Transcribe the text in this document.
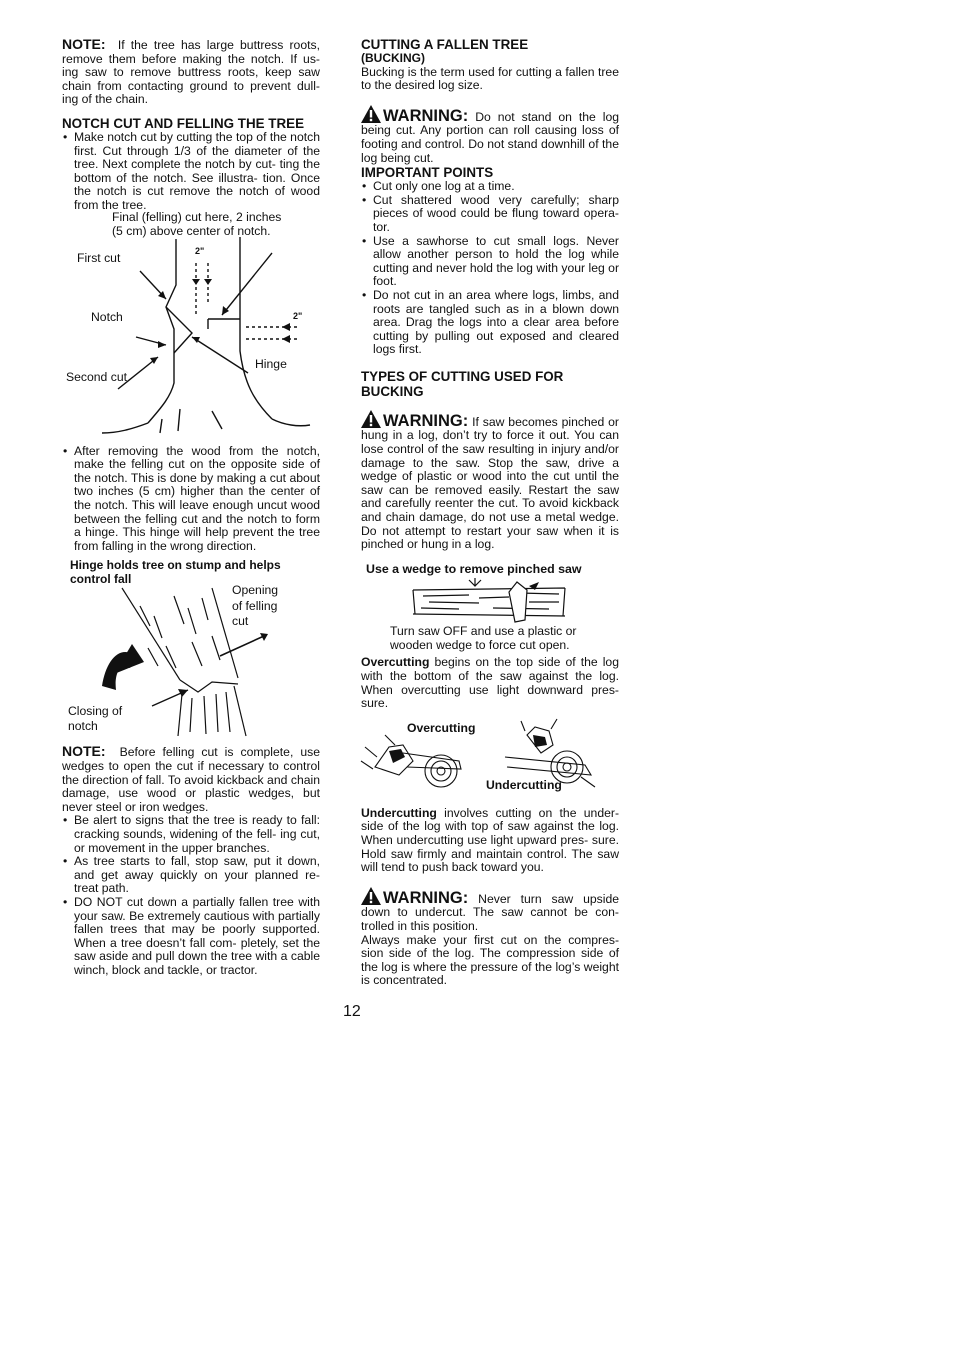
NOTE: If the tree has large buttress roots, remove them before making the notch. If us- ing saw to remove buttress roots, keep saw chain from contacting ground to prevent dull- ing of the chain.

NOTCH CUT AND FELLING THE TREE
• Make notch cut by cutting the top of the notch first. Cut through 1/3 of the diameter of the tree. Next complete the notch by cut- ting the bottom of the notch. See illustra- tion. Once the notch is cut remove the notch of wood from the tree.
Final (felling) cut here, 2 inches
(5 cm) above center of notch.
First cut
Notch
Second cut
Hinge
2"
2"
• After removing the wood from the notch, make the felling cut on the opposite side of the notch. This is done by making a cut about two inches (5 cm) higher than the center of the notch. This will leave enough uncut wood between the felling cut and the notch to form a hinge. This hinge will help prevent the tree from falling in the wrong direction.
Hinge holds tree on stump and helps control fall
Opening
of felling
cut
Closing of
notch

NOTE: Before felling cut is complete, use wedges to open the cut if necessary to control the direction of fall. To avoid kickback and chain damage, use wood or plastic wedges, but never steel or iron wedges.

• Be alert to signs that the tree is ready to fall: cracking sounds, widening of the fell- ing cut, or movement in the upper branches.
• As tree starts to fall, stop saw, put it down, and get away quickly on your planned re- treat path.
• DO NOT cut down a partially fallen tree with your saw. Be extremely cautious with partially fallen trees that may be poorly supported. When a tree doesn’t fall com- pletely, set the saw aside and pull down the tree with a cable winch, block and tackle, or tractor.
CUTTING A FALLEN TREE
(BUCKING)

Bucking is the term used for cutting a fallen tree to the desired log size.

WARNING: Do not stand on the log being cut. Any portion can roll causing loss of footing and control. Do not stand downhill of the log being cut.

IMPORTANT POINTS
• Cut only one log at a time.
• Cut shattered wood very carefully; sharp pieces of wood could be flung toward opera- tor.
• Use a sawhorse to cut small logs. Never allow another person to hold the log while cutting and never hold the log with your leg or foot.
• Do not cut in an area where logs, limbs, and roots are tangled such as in a blown down area. Drag the logs into a clear area before cutting by pulling out exposed and cleared logs first.
TYPES OF CUTTING USED FOR BUCKING

WARNING: If saw becomes pinched or hung in a log, don’t try to force it out. You can lose control of the saw resulting in injury and/or damage to the saw. Stop the saw, drive a wedge of plastic or wood into the cut until the saw can be removed easily. Restart the saw and carefully reenter the cut. To avoid kickback and chain damage, do not use a metal wedge. Do not attempt to restart your saw when it is pinched or hung in a log.

Use a wedge to remove pinched saw
Turn saw OFF and use a plastic or
wooden wedge to force cut open.

Overcutting begins on the top side of the log with the bottom of the saw against the log. When overcutting use light downward pres- sure.

Overcutting
Undercutting

Undercutting involves cutting on the under- side of the log with top of saw against the log. When undercutting use light upward pres- sure. Hold saw firmly and maintain control. The saw will tend to push back toward you.

WARNING: Never turn saw upside down to undercut. The saw cannot be con- trolled in this position.

Always make your first cut on the compres- sion side of the log. The compression side of the log is where the pressure of the log’s weight is concentrated.

12
